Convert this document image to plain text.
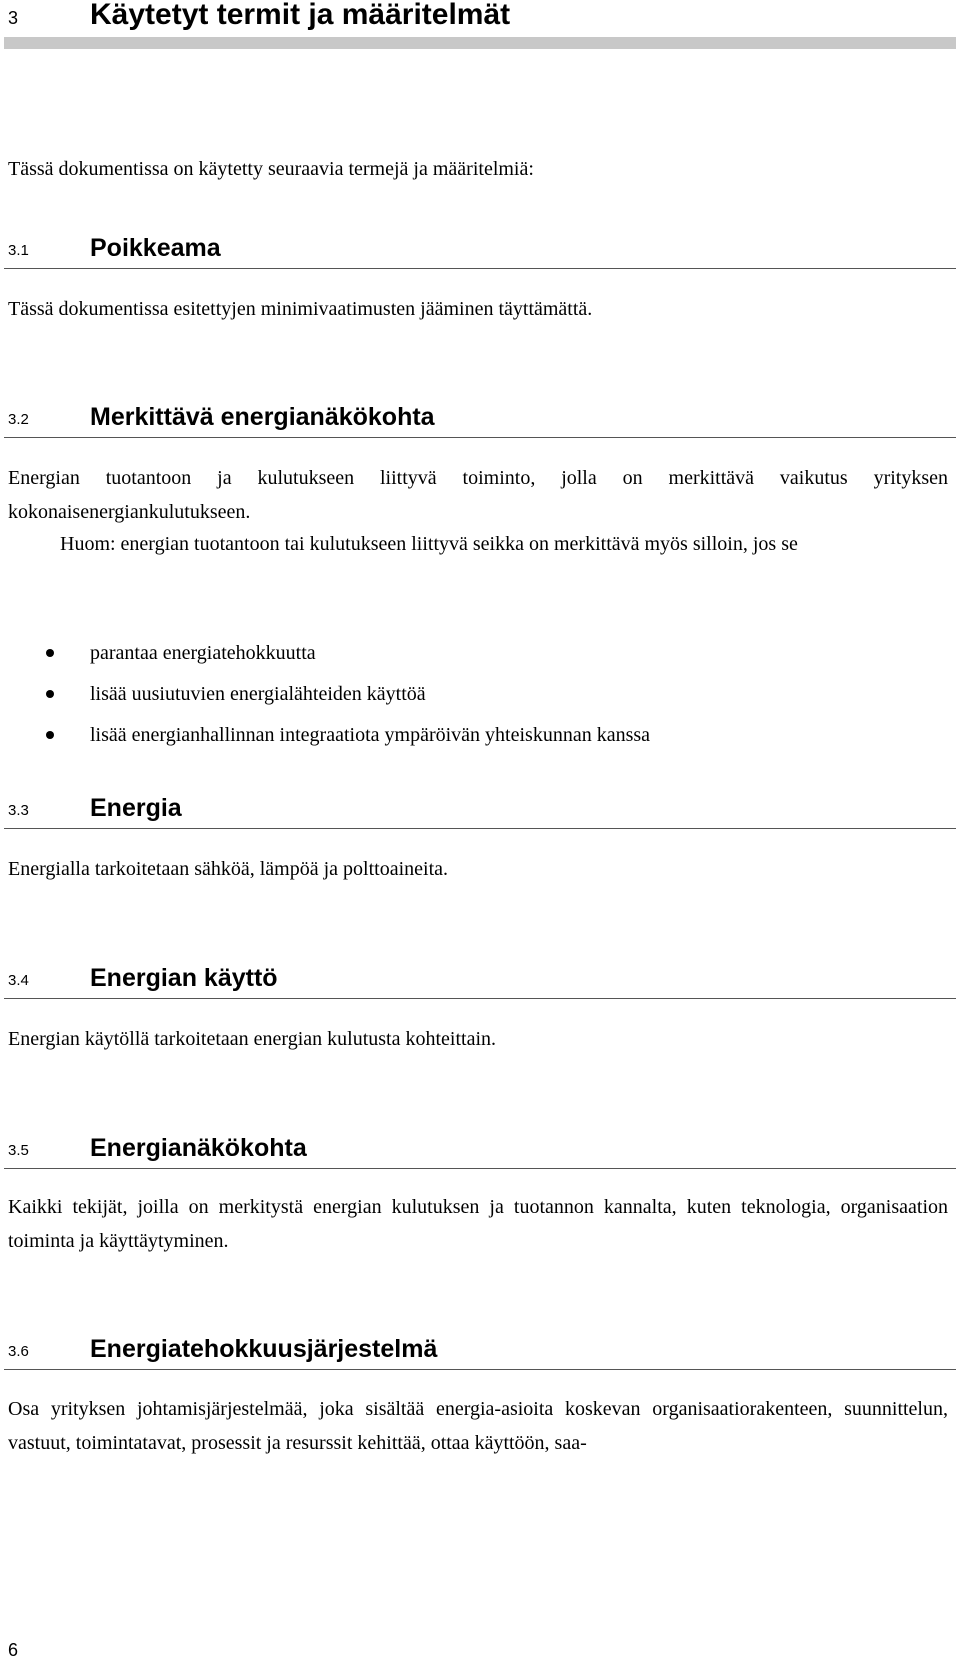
3 Käytetyt termit ja määritelmät

Tässä dokumentissa on käytetty seuraavia termejä ja määritelmiä:

3.1 Poikkeama

Tässä dokumentissa esitettyjen minimivaatimusten jääminen täyttämättä.

3.2 Merkittävä energianäkökohta

Energian tuotantoon ja kulutukseen liittyvä toiminto, jolla on merkittävä vaikutus yrityksen kokonaisenergiankulutukseen.

Huom: energian tuotantoon tai kulutukseen liittyvä seikka on merkittävä myös silloin, jos se

parantaa energiatehokkuutta
lisää uusiutuvien energialähteiden käyttöä
lisää energianhallinnan integraatiota ympäröivän yhteiskunnan kanssa
3.3 Energia

Energialla tarkoitetaan sähköä, lämpöä ja polttoaineita.

3.4 Energian käyttö

Energian käytöllä tarkoitetaan energian kulutusta kohteittain.

3.5 Energianäkökohta

Kaikki tekijät, joilla on merkitystä energian kulutuksen ja tuotannon kannalta, kuten teknologia, organisaation toiminta ja käyttäytyminen.

3.6 Energiatehokkuusjärjestelmä

Osa yrityksen johtamisjärjestelmää, joka sisältää energia-asioita koskevan organisaatiorakenteen, suunnittelun, vastuut, toimintatavat, prosessit ja resurssit kehittää, ottaa käyttöön, saa-

6
